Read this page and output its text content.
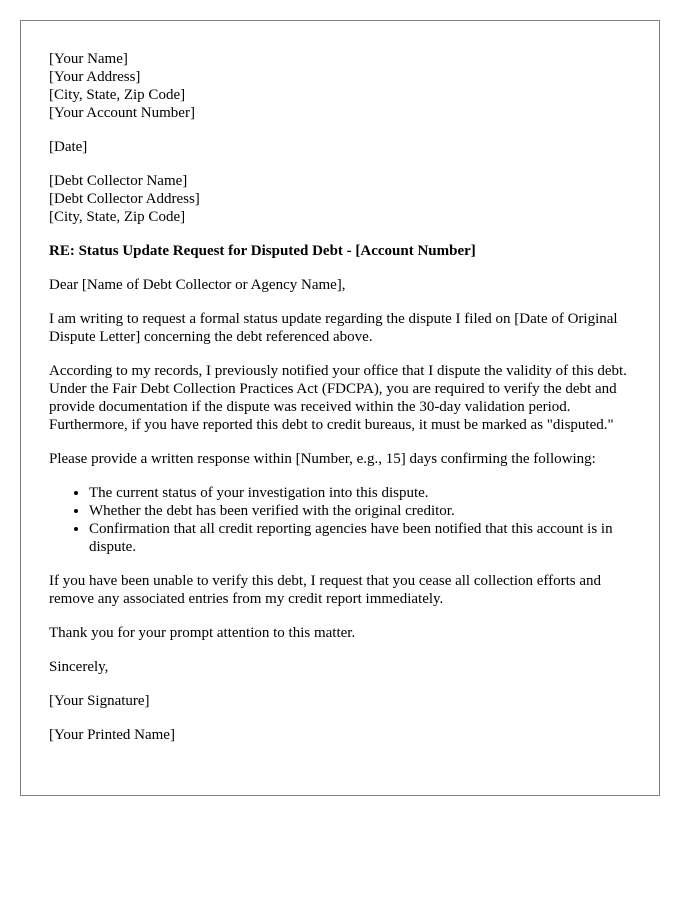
[Your Name]
[Your Address]
[City, State, Zip Code]
[Your Account Number]
[Date]
[Debt Collector Name]
[Debt Collector Address]
[City, State, Zip Code]
RE: Status Update Request for Disputed Debt - [Account Number]

Dear [Name of Debt Collector or Agency Name],

I am writing to request a formal status update regarding the dispute I filed on [Date of Original Dispute Letter] concerning the debt referenced above.

According to my records, I previously notified your office that I dispute the validity of this debt. Under the Fair Debt Collection Practices Act (FDCPA), you are required to verify the debt and provide documentation if the dispute was received within the 30-day validation period. Furthermore, if you have reported this debt to credit bureaus, it must be marked as "disputed."

Please provide a written response within [Number, e.g., 15] days confirming the following:

• The current status of your investigation into this dispute.
• Whether the debt has been verified with the original creditor.
• Confirmation that all credit reporting agencies have been notified that this account is in dispute.

If you have been unable to verify this debt, I request that you cease all collection efforts and remove any associated entries from my credit report immediately.

Thank you for your prompt attention to this matter.

Sincerely,

[Your Signature]

[Your Printed Name]
